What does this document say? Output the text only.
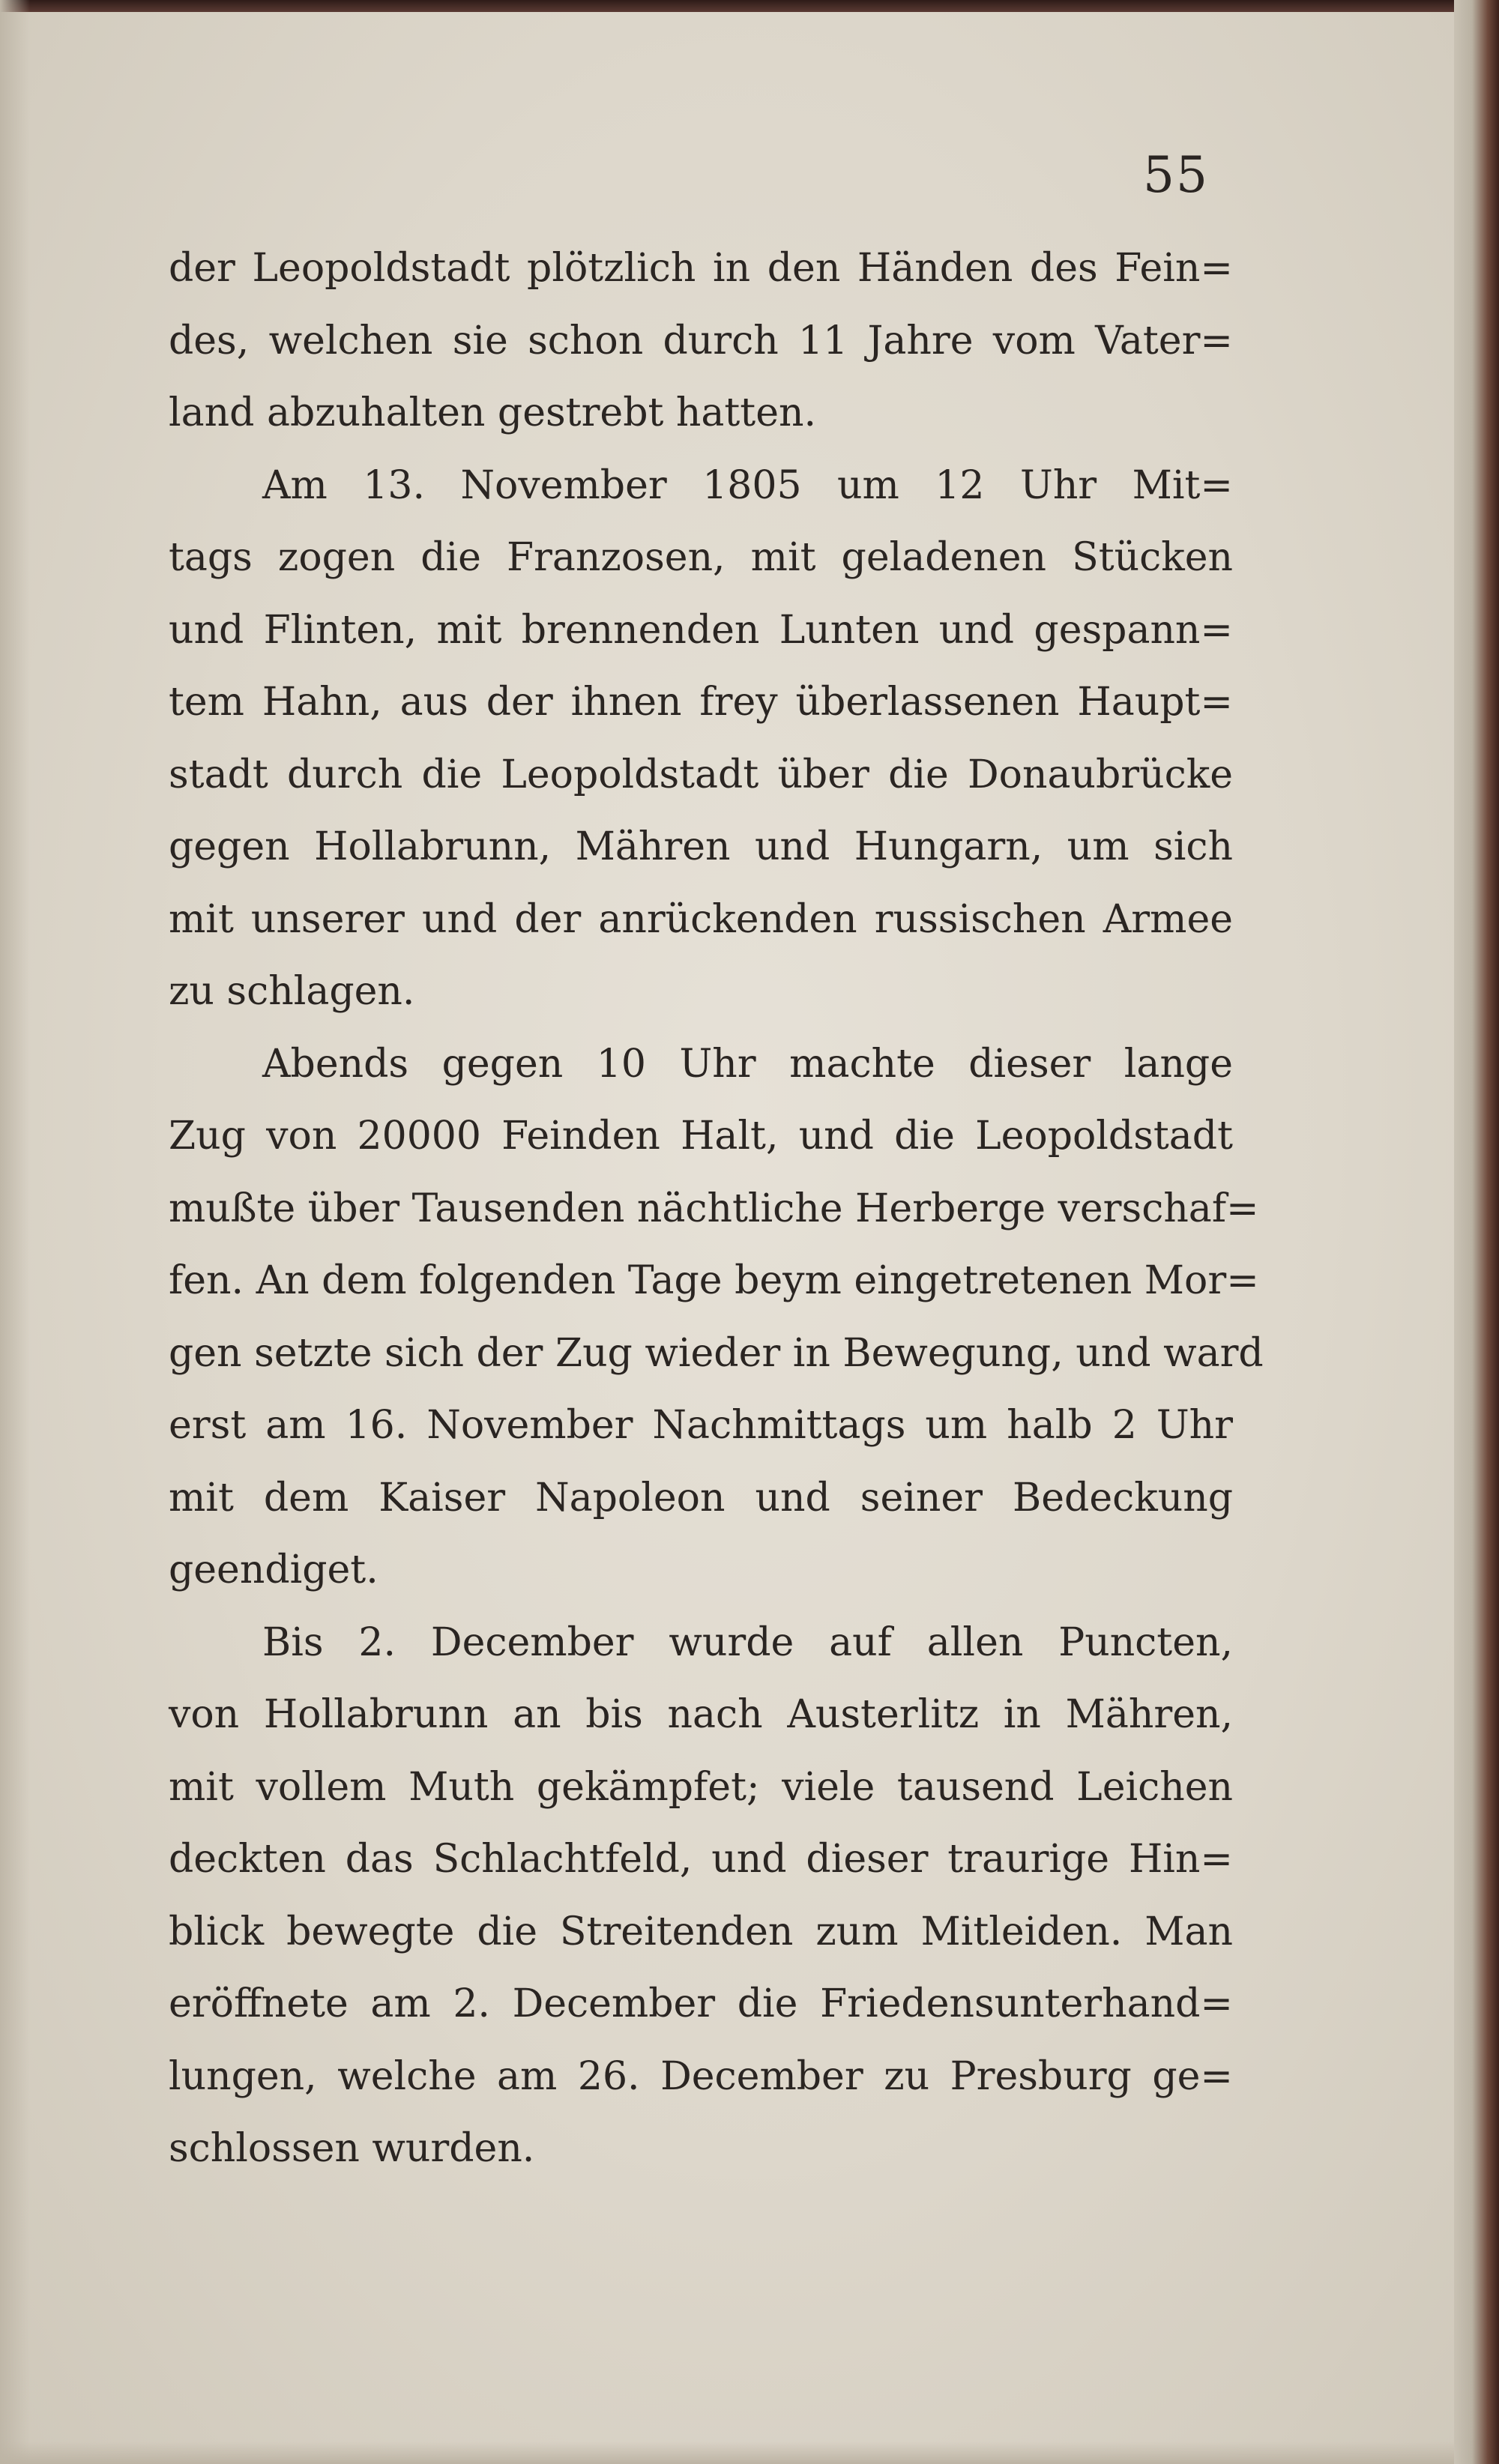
55
der Leopoldstadt plötzlich in den Händen des Fein=
des, welchen sie schon durch 11 Jahre vom Vater=
land abzuhalten gestrebt hatten.
Am 13. November 1805 um 12 Uhr Mit=
tags zogen die Franzosen, mit geladenen Stücken
und Flinten, mit brennenden Lunten und gespann=
tem Hahn, aus der ihnen frey überlassenen Haupt=
stadt durch die Leopoldstadt über die Donaubrücke
gegen Hollabrunn, Mähren und Hungarn, um sich
mit unserer und der anrückenden russischen Armee
zu schlagen.
Abends gegen 10 Uhr machte dieser lange
Zug von 20000 Feinden Halt, und die Leopoldstadt
mußte über Tausenden nächtliche Herberge verschaf=
fen. An dem folgenden Tage beym eingetretenen Mor=
gen setzte sich der Zug wieder in Bewegung, und ward
erst am 16. November Nachmittags um halb 2 Uhr
mit dem Kaiser Napoleon und seiner Bedeckung
geendiget.
Bis 2. December wurde auf allen Puncten,
von Hollabrunn an bis nach Austerlitz in Mähren,
mit vollem Muth gekämpfet; viele tausend Leichen
deckten das Schlachtfeld, und dieser traurige Hin=
blick bewegte die Streitenden zum Mitleiden. Man
eröffnete am 2. December die Friedensunterhand=
lungen, welche am 26. December zu Presburg ge=
schlossen wurden.
